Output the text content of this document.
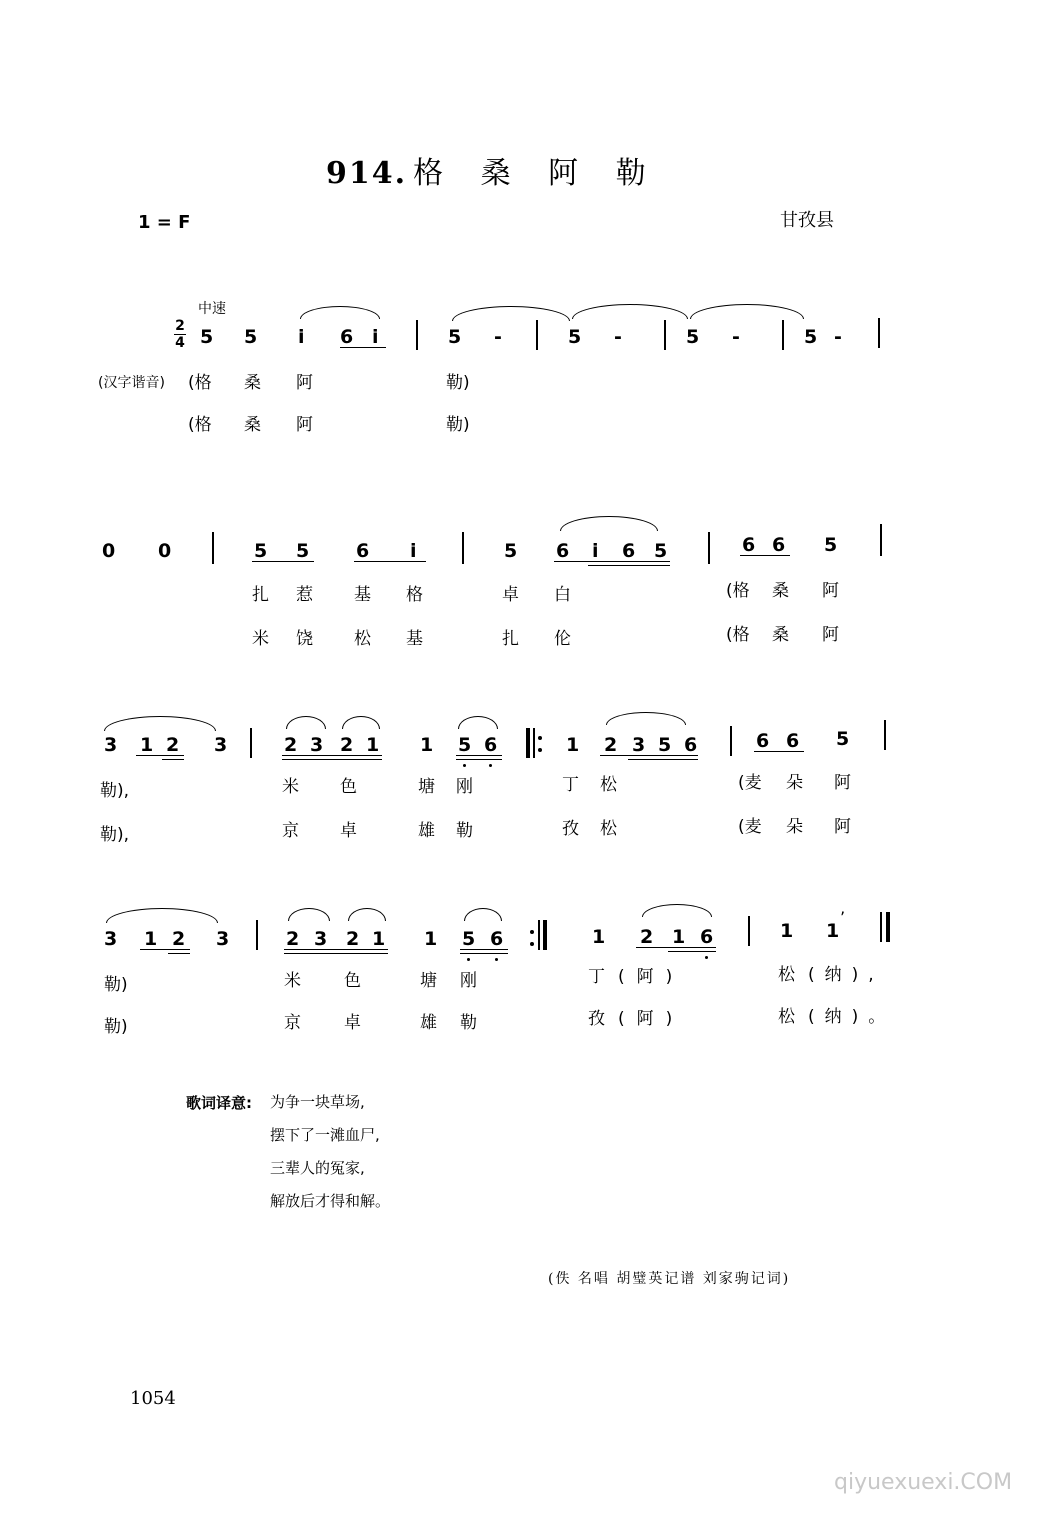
914. 格 桑 阿 勒
1 = F	甘孜县
中速
2
4
(汉字谐音)
5 5 i 6 i	5 -	5 -	5 -	5 -
(格 桑 阿	勒)
(格 桑 阿	勒)
0 0	5 5 6 i	5 6 i 6 5	6 6 5
扎 惹 基 格	卓 白	(格 桑 阿
米 饶 松 基	扎 伦	(格 桑 阿
3 1 2 3	2 3 2 1 1 5 6	1 2 3 5 6	6 6 5
勒),	米 色	塘 刚	丁 松	(麦 朵 阿
勒),	京 卓	雄 勒	孜 松	(麦 朵 阿
3 1 2 3	2 3 2 1 1 5 6	1 2 1 6	1 1
’
勒)	米	色	塘 刚	丁 (阿)	松 (纳),
勒)	京	卓	雄 勒	孜 (阿)	松 (纳)。
歌词译意: 为争一块草场,
摆下了一滩血尸,
三辈人的冤家,
解放后才得和解。
(佚 名唱 胡璧英记谱 刘家驹记词)
1054
qiyuexuexi.COM
